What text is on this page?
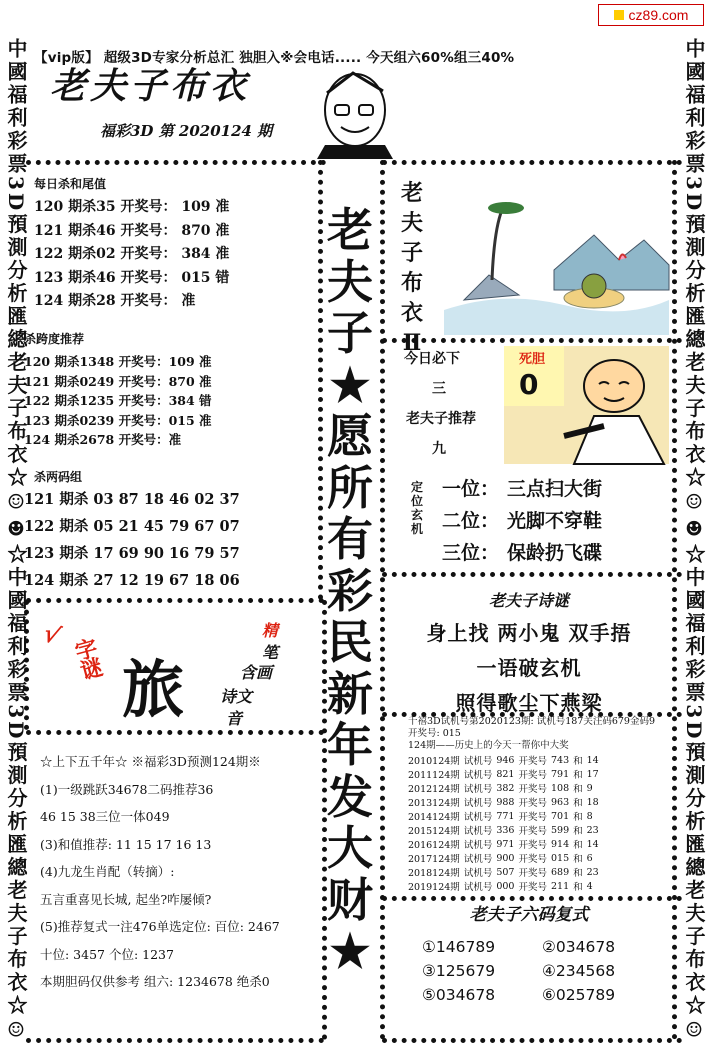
cz89.com
【vip版】 超级3D专家分析总汇 独胆入※会电话..... 今天组六60%组三40%
老夫子布衣
福彩3D 第 2020124 期
中國福利彩票3D預測分析匯總老夫子布衣☆☺☻☆中國福利彩票3D預測分析匯總老夫子布衣☆☺	中國福利彩票3D預測分析匯總老夫子布衣☆☺☻☆中國福利彩票3D預測分析匯總老夫子布衣☆☺
每日杀和尾值
120 期杀35 开奖号： 109 准
121 期杀46 开奖号： 870 准
122 期杀02 开奖号： 384 准
123 期杀46 开奖号： 015 错
124 期杀28 开奖号： 准
杀跨度推荐
120 期杀1348 开奖号：109 准
121 期杀0249 开奖号：870 准
122 期杀1235 开奖号：384 错
123 期杀0239 开奖号：015 准
124 期杀2678 开奖号：准
杀两码组
121 期杀 03 87 18 46 02 37
122 期杀 05 21 45 79 67 07
123 期杀 17 69 90 16 79 57
124 期杀 27 12 19 67 18 06
√
字谜 旅
精
笔
含画
诗文
音
☆上下五千年☆ ※福彩3D预测124期※
(1)一级跳跃34678二码推荐36
46 15 38三位一体049
(3)和值推荐: 11 15 17 16 13
(4)九龙生肖配（转摘）:
五言重喜见长城, 起坐?咋屡倾?
(5)推荐复式一注476单选定位: 百位: 2467
十位: 3457 个位: 1237
本期胆码仅供参考 组六: 1234678 绝杀0
老
夫
子
★
愿
所
有
彩
民
新
年
发
大
财
★
老
夫
子
布
衣
Ⅱ
今日必下
三
老夫子推荐
九
死胆
0
定位玄机
一位： 三点扫大街
二位： 光脚不穿鞋
三位： 保龄扔飞碟
老夫子诗谜
身上找 两小鬼 双手捂
一语破玄机
照得歌尘下燕梁
千禧3D试机号第2020123期: 试机号187关注码679金码9
开奖号: 015
124期——历史上的今天一帮你中大奖
2010124期	试机号	946	开奖号	743	和	14
2011124期	试机号	821	开奖号	791	和	17
2012124期	试机号	382	开奖号	108	和	9
2013124期	试机号	988	开奖号	963	和	18
2014124期	试机号	771	开奖号	701	和	8
2015124期	试机号	336	开奖号	599	和	23
2016124期	试机号	971	开奖号	914	和	14
2017124期	试机号	900	开奖号	015	和	6
2018124期	试机号	507	开奖号	689	和	23
2019124期	试机号	000	开奖号	211	和	4
老夫子六码复式
①146789	②034678
③125679	④234568
⑤034678	⑥025789
